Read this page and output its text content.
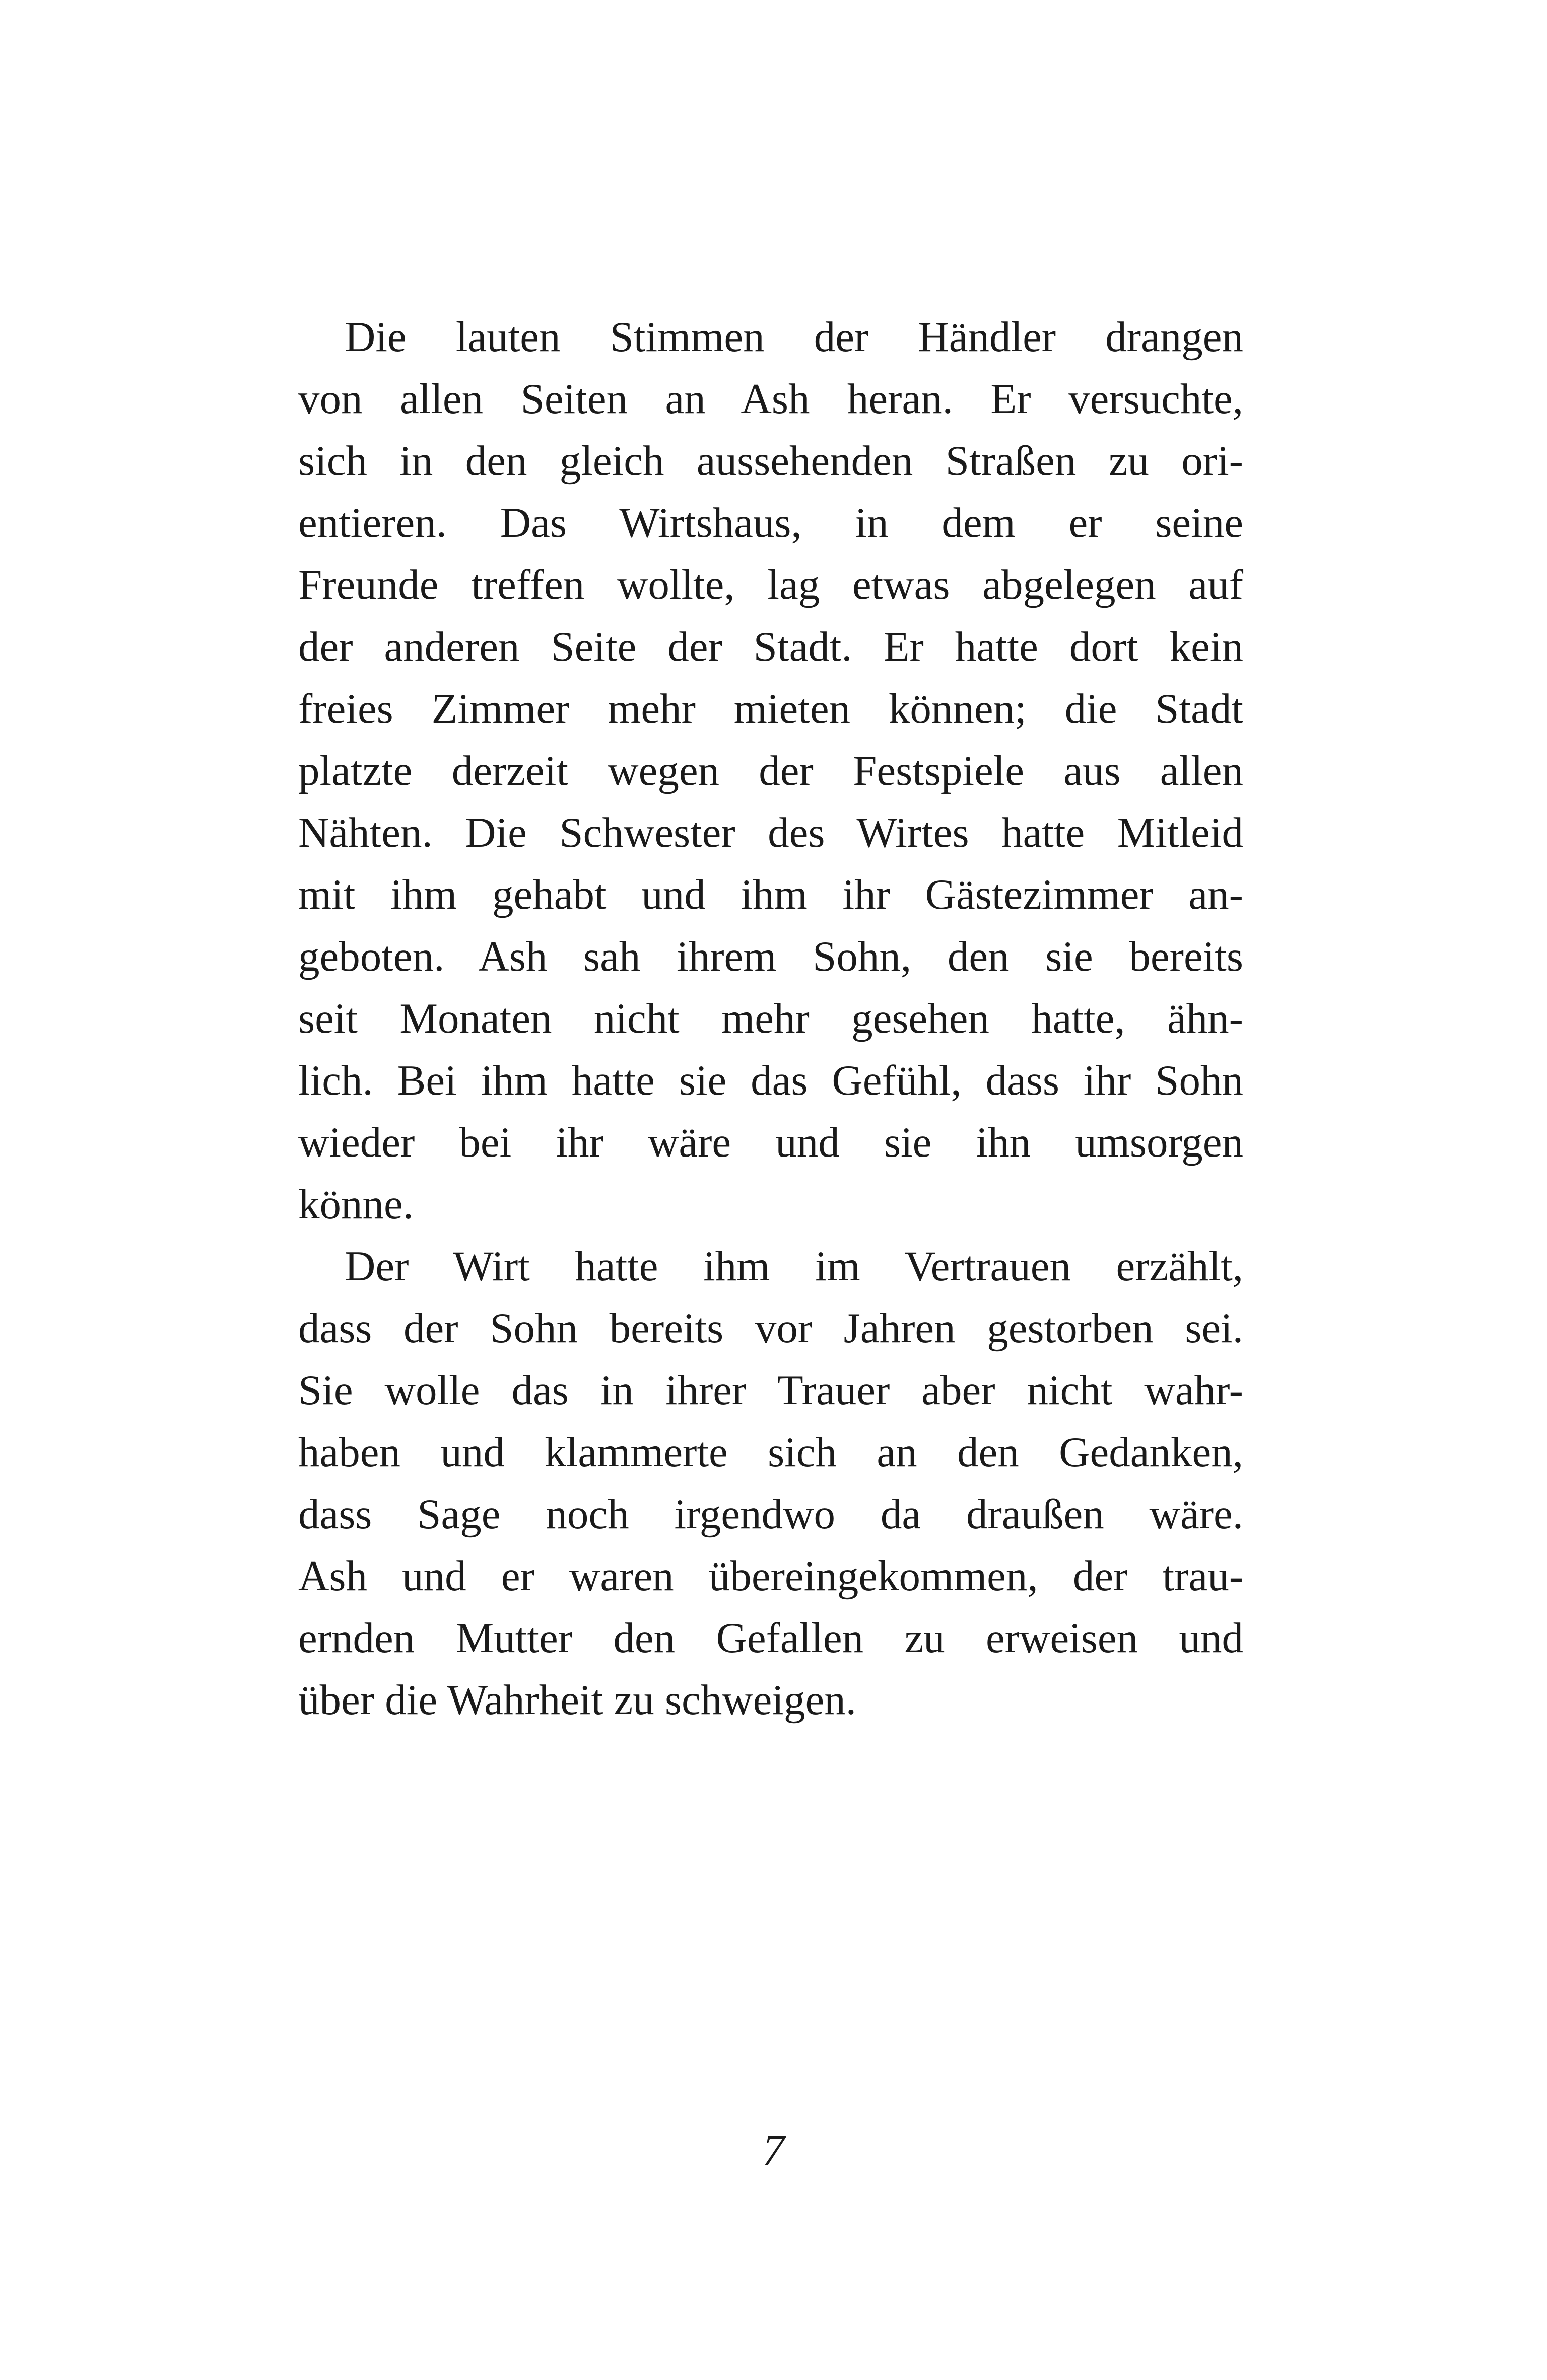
Die lauten Stimmen der Händler drangen
von allen Seiten an Ash heran. Er versuchte,
sich in den gleich aussehenden Straßen zu ori-
entieren. Das Wirtshaus, in dem er seine
Freunde treffen wollte, lag etwas abgelegen auf
der anderen Seite der Stadt. Er hatte dort kein
freies Zimmer mehr mieten können; die Stadt
platzte derzeit wegen der Festspiele aus allen
Nähten. Die Schwester des Wirtes hatte Mitleid
mit ihm gehabt und ihm ihr Gästezimmer an-
geboten. Ash sah ihrem Sohn, den sie bereits
seit Monaten nicht mehr gesehen hatte, ähn-
lich. Bei ihm hatte sie das Gefühl, dass ihr Sohn
wieder bei ihr wäre und sie ihn umsorgen
könne.
Der Wirt hatte ihm im Vertrauen erzählt,
dass der Sohn bereits vor Jahren gestorben sei.
Sie wolle das in ihrer Trauer aber nicht wahr-
haben und klammerte sich an den Gedanken,
dass Sage noch irgendwo da draußen wäre.
Ash und er waren übereingekommen, der trau-
ernden Mutter den Gefallen zu erweisen und
über die Wahrheit zu schweigen.
7
